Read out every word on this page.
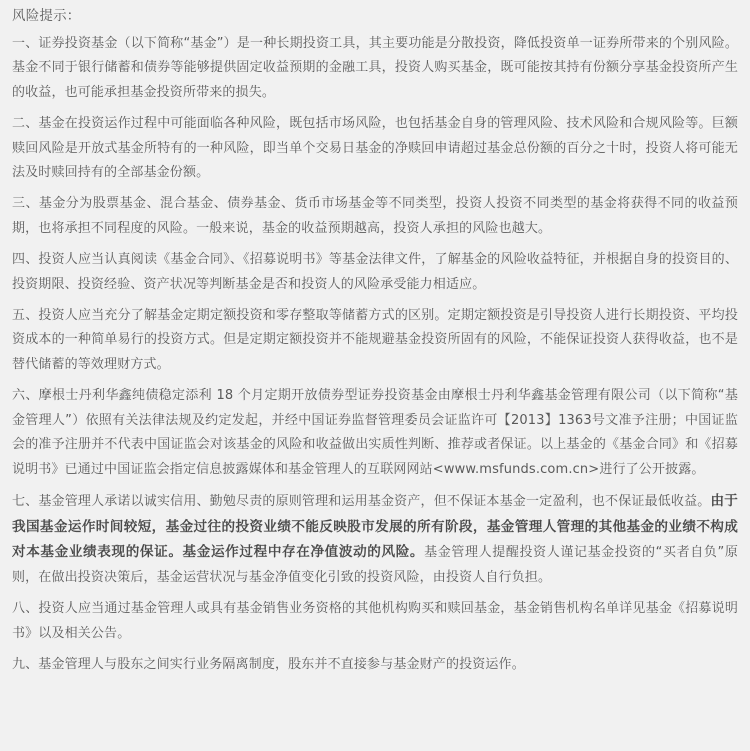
风险提示：

一、证券投资基金（以下简称“基金”）是一种长期投资工具，其主要功能是分散投资，降低投资单一证券所带来的个别风险。基金不同于银行储蓄和债券等能够提供固定收益预期的金融工具，投资人购买基金，既可能按其持有份额分享基金投资所产生的收益，也可能承担基金投资所带来的损失。

二、基金在投资运作过程中可能面临各种风险，既包括市场风险，也包括基金自身的管理风险、技术风险和合规风险等。巨额赎回风险是开放式基金所特有的一种风险，即当单个交易日基金的净赎回申请超过基金总份额的百分之十时，投资人将可能无法及时赎回持有的全部基金份额。

三、基金分为股票基金、混合基金、债券基金、货币市场基金等不同类型，投资人投资不同类型的基金将获得不同的收益预期，也将承担不同程度的风险。一般来说，基金的收益预期越高，投资人承担的风险也越大。

四、投资人应当认真阅读《基金合同》、《招募说明书》等基金法律文件，了解基金的风险收益特征，并根据自身的投资目的、投资期限、投资经验、资产状况等判断基金是否和投资人的风险承受能力相适应。

五、投资人应当充分了解基金定期定额投资和零存整取等储蓄方式的区别。定期定额投资是引导投资人进行长期投资、平均投资成本的一种简单易行的投资方式。但是定期定额投资并不能规避基金投资所固有的风险，不能保证投资人获得收益，也不是替代储蓄的等效理财方式。

六、摩根士丹利华鑫纯债稳定添利 18 个月定期开放债券型证券投资基金由摩根士丹利华鑫基金管理有限公司（以下简称“基金管理人”）依照有关法律法规及约定发起，并经中国证券监督管理委员会证监许可【2013】1363号文准予注册；中国证监会的准予注册并不代表中国证监会对该基金的风险和收益做出实质性判断、推荐或者保证。以上基金的《基金合同》和《招募说明书》已通过中国证监会指定信息披露媒体和基金管理人的互联网网站<www.msfunds.com.cn>进行了公开披露。

七、基金管理人承诺以诚实信用、勤勉尽责的原则管理和运用基金资产，但不保证本基金一定盈利，也不保证最低收益。由于我国基金运作时间较短，基金过往的投资业绩不能反映股市发展的所有阶段，基金管理人管理的其他基金的业绩不构成对本基金业绩表现的保证。基金运作过程中存在净值波动的风险。基金管理人提醒投资人谨记基金投资的“买者自负”原则，在做出投资决策后，基金运营状况与基金净值变化引致的投资风险，由投资人自行负担。

八、投资人应当通过基金管理人或具有基金销售业务资格的其他机构购买和赎回基金，基金销售机构名单详见基金《招募说明书》以及相关公告。

九、基金管理人与股东之间实行业务隔离制度，股东并不直接参与基金财产的投资运作。
